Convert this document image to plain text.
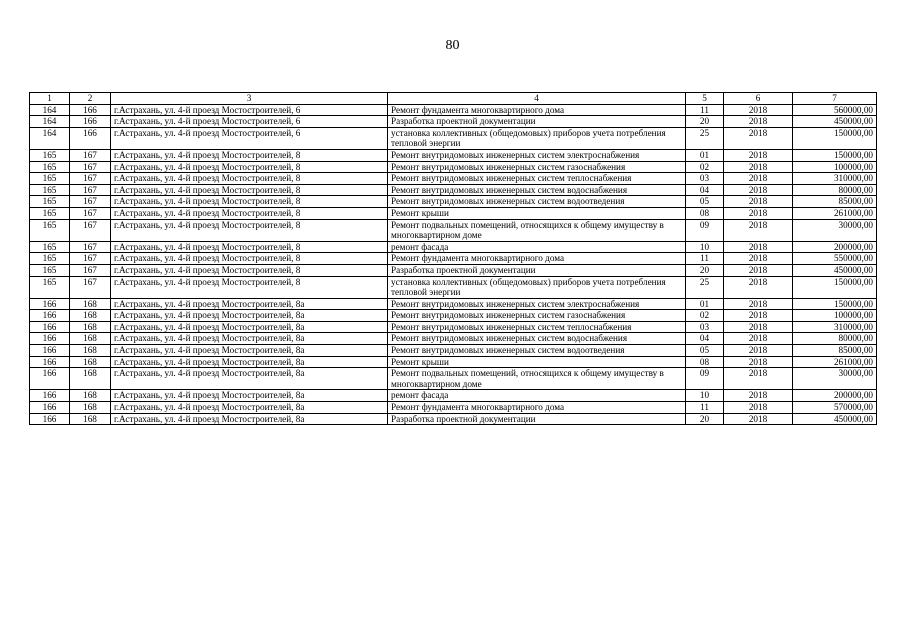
80
1	2	3	4	5	6	7
164	166	г.Астрахань, ул. 4-й проезд Мостостроителей, 6	Ремонт фундамента многоквартирного дома	11	2018	560000,00
164	166	г.Астрахань, ул. 4-й проезд Мостостроителей, 6	Разработка проектной документации	20	2018	450000,00
164	166	г.Астрахань, ул. 4-й проезд Мостостроителей, 6	установка коллективных (общедомовых) приборов учета потребления тепловой энергии	25	2018	150000,00
165	167	г.Астрахань, ул. 4-й проезд Мостостроителей, 8	Ремонт внутридомовых инженерных систем электроснабжения	01	2018	150000,00
165	167	г.Астрахань, ул. 4-й проезд Мостостроителей, 8	Ремонт внутридомовых инженерных систем газоснабжения	02	2018	100000,00
165	167	г.Астрахань, ул. 4-й проезд Мостостроителей, 8	Ремонт внутридомовых инженерных систем теплоснабжения	03	2018	310000,00
165	167	г.Астрахань, ул. 4-й проезд Мостостроителей, 8	Ремонт внутридомовых инженерных систем водоснабжения	04	2018	80000,00
165	167	г.Астрахань, ул. 4-й проезд Мостостроителей, 8	Ремонт внутридомовых инженерных систем водоотведения	05	2018	85000,00
165	167	г.Астрахань, ул. 4-й проезд Мостостроителей, 8	Ремонт крыши	08	2018	261000,00
165	167	г.Астрахань, ул. 4-й проезд Мостостроителей, 8	Ремонт подвальных помещений, относящихся к общему имуществу в многоквартирном доме	09	2018	30000,00
165	167	г.Астрахань, ул. 4-й проезд Мостостроителей, 8	ремонт фасада	10	2018	200000,00
165	167	г.Астрахань, ул. 4-й проезд Мостостроителей, 8	Ремонт фундамента многоквартирного дома	11	2018	550000,00
165	167	г.Астрахань, ул. 4-й проезд Мостостроителей, 8	Разработка проектной документации	20	2018	450000,00
165	167	г.Астрахань, ул. 4-й проезд Мостостроителей, 8	установка коллективных (общедомовых) приборов учета потребления тепловой энергии	25	2018	150000,00
166	168	г.Астрахань, ул. 4-й проезд Мостостроителей, 8а	Ремонт внутридомовых инженерных систем электроснабжения	01	2018	150000,00
166	168	г.Астрахань, ул. 4-й проезд Мостостроителей, 8а	Ремонт внутридомовых инженерных систем газоснабжения	02	2018	100000,00
166	168	г.Астрахань, ул. 4-й проезд Мостостроителей, 8а	Ремонт внутридомовых инженерных систем теплоснабжения	03	2018	310000,00
166	168	г.Астрахань, ул. 4-й проезд Мостостроителей, 8а	Ремонт внутридомовых инженерных систем водоснабжения	04	2018	80000,00
166	168	г.Астрахань, ул. 4-й проезд Мостостроителей, 8а	Ремонт внутридомовых инженерных систем водоотведения	05	2018	85000,00
166	168	г.Астрахань, ул. 4-й проезд Мостостроителей, 8а	Ремонт крыши	08	2018	261000,00
166	168	г.Астрахань, ул. 4-й проезд Мостостроителей, 8а	Ремонт подвальных помещений, относящихся к общему имуществу в многоквартирном доме	09	2018	30000,00
166	168	г.Астрахань, ул. 4-й проезд Мостостроителей, 8а	ремонт фасада	10	2018	200000,00
166	168	г.Астрахань, ул. 4-й проезд Мостостроителей, 8а	Ремонт фундамента многоквартирного дома	11	2018	570000,00
166	168	г.Астрахань, ул. 4-й проезд Мостостроителей, 8а	Разработка проектной документации	20	2018	450000,00
